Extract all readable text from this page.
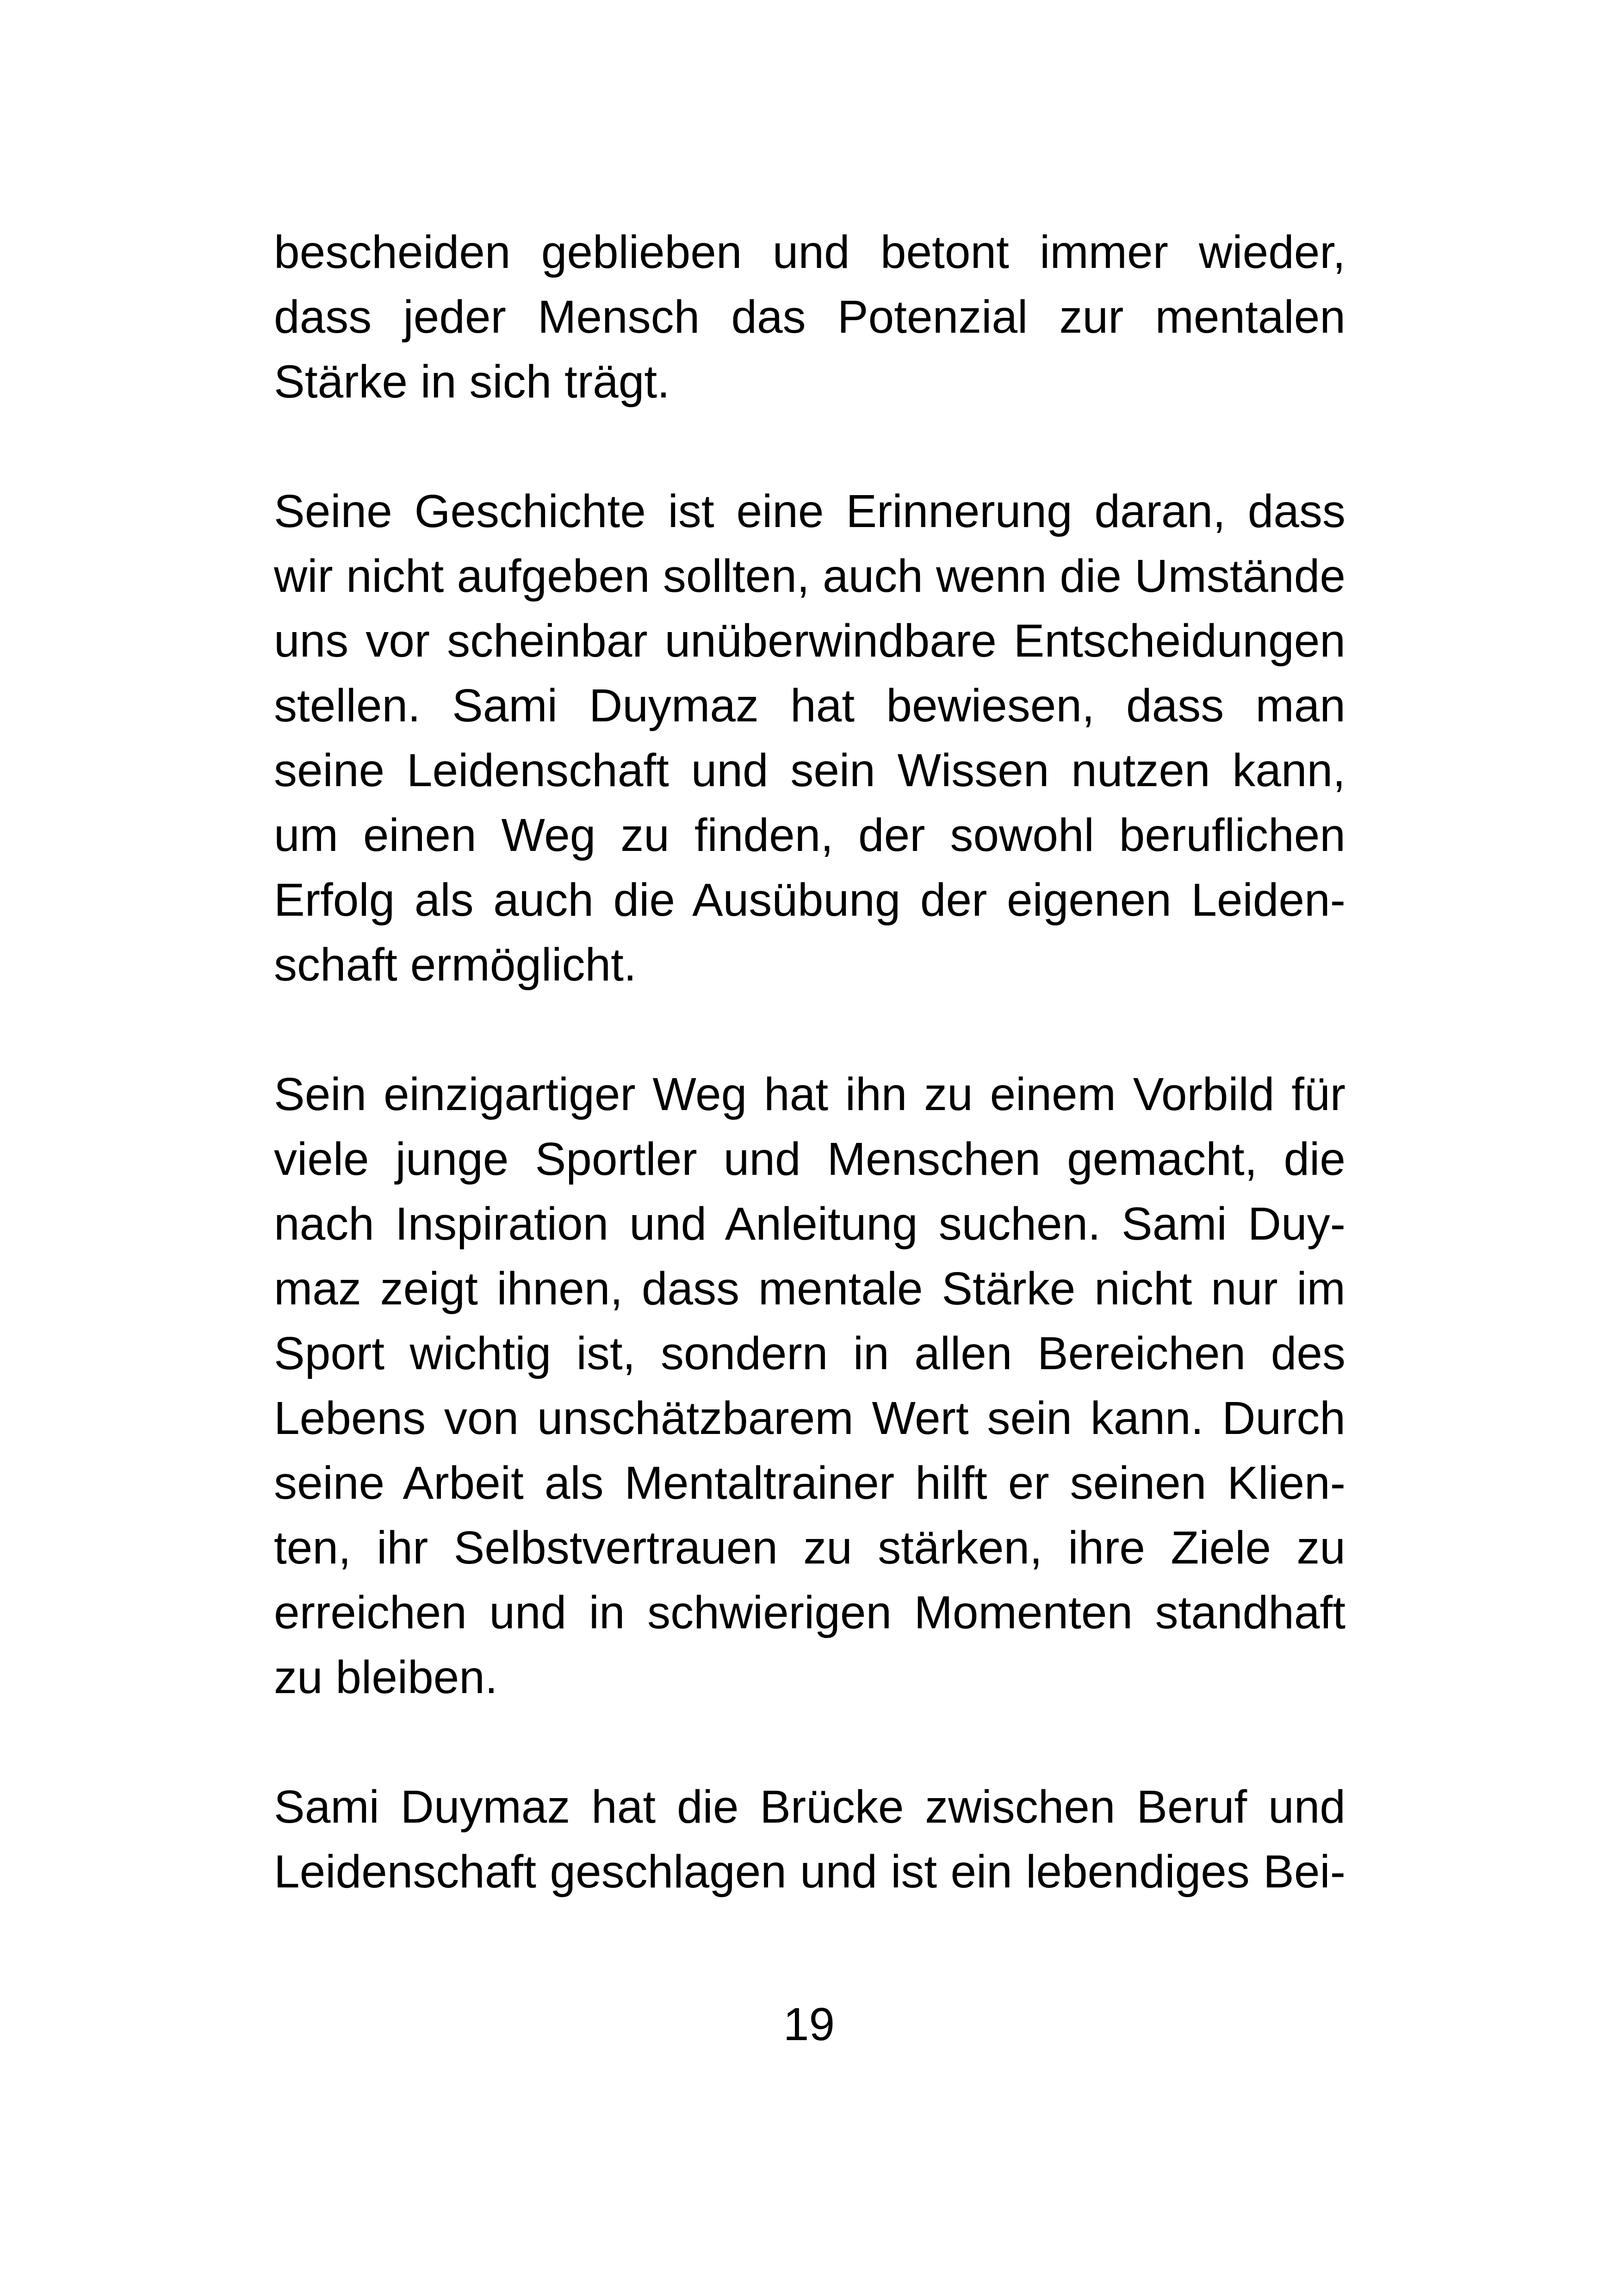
bescheiden geblieben und betont immer wieder,
dass jeder Mensch das Potenzial zur mentalen
Stärke in sich trägt.
Seine Geschichte ist eine Erinnerung daran, dass
wir nicht aufgeben sollten, auch wenn die Umstände
uns vor scheinbar unüberwindbare Entscheidungen
stellen. Sami Duymaz hat bewiesen, dass man
seine Leidenschaft und sein Wissen nutzen kann,
um einen Weg zu finden, der sowohl beruflichen
Erfolg als auch die Ausübung der eigenen Leiden-
schaft ermöglicht.
Sein einzigartiger Weg hat ihn zu einem Vorbild für
viele junge Sportler und Menschen gemacht, die
nach Inspiration und Anleitung suchen. Sami Duy-
maz zeigt ihnen, dass mentale Stärke nicht nur im
Sport wichtig ist, sondern in allen Bereichen des
Lebens von unschätzbarem Wert sein kann. Durch
seine Arbeit als Mentaltrainer hilft er seinen Klien-
ten, ihr Selbstvertrauen zu stärken, ihre Ziele zu
erreichen und in schwierigen Momenten standhaft
zu bleiben.
Sami Duymaz hat die Brücke zwischen Beruf und
Leidenschaft geschlagen und ist ein lebendiges Bei-
19
